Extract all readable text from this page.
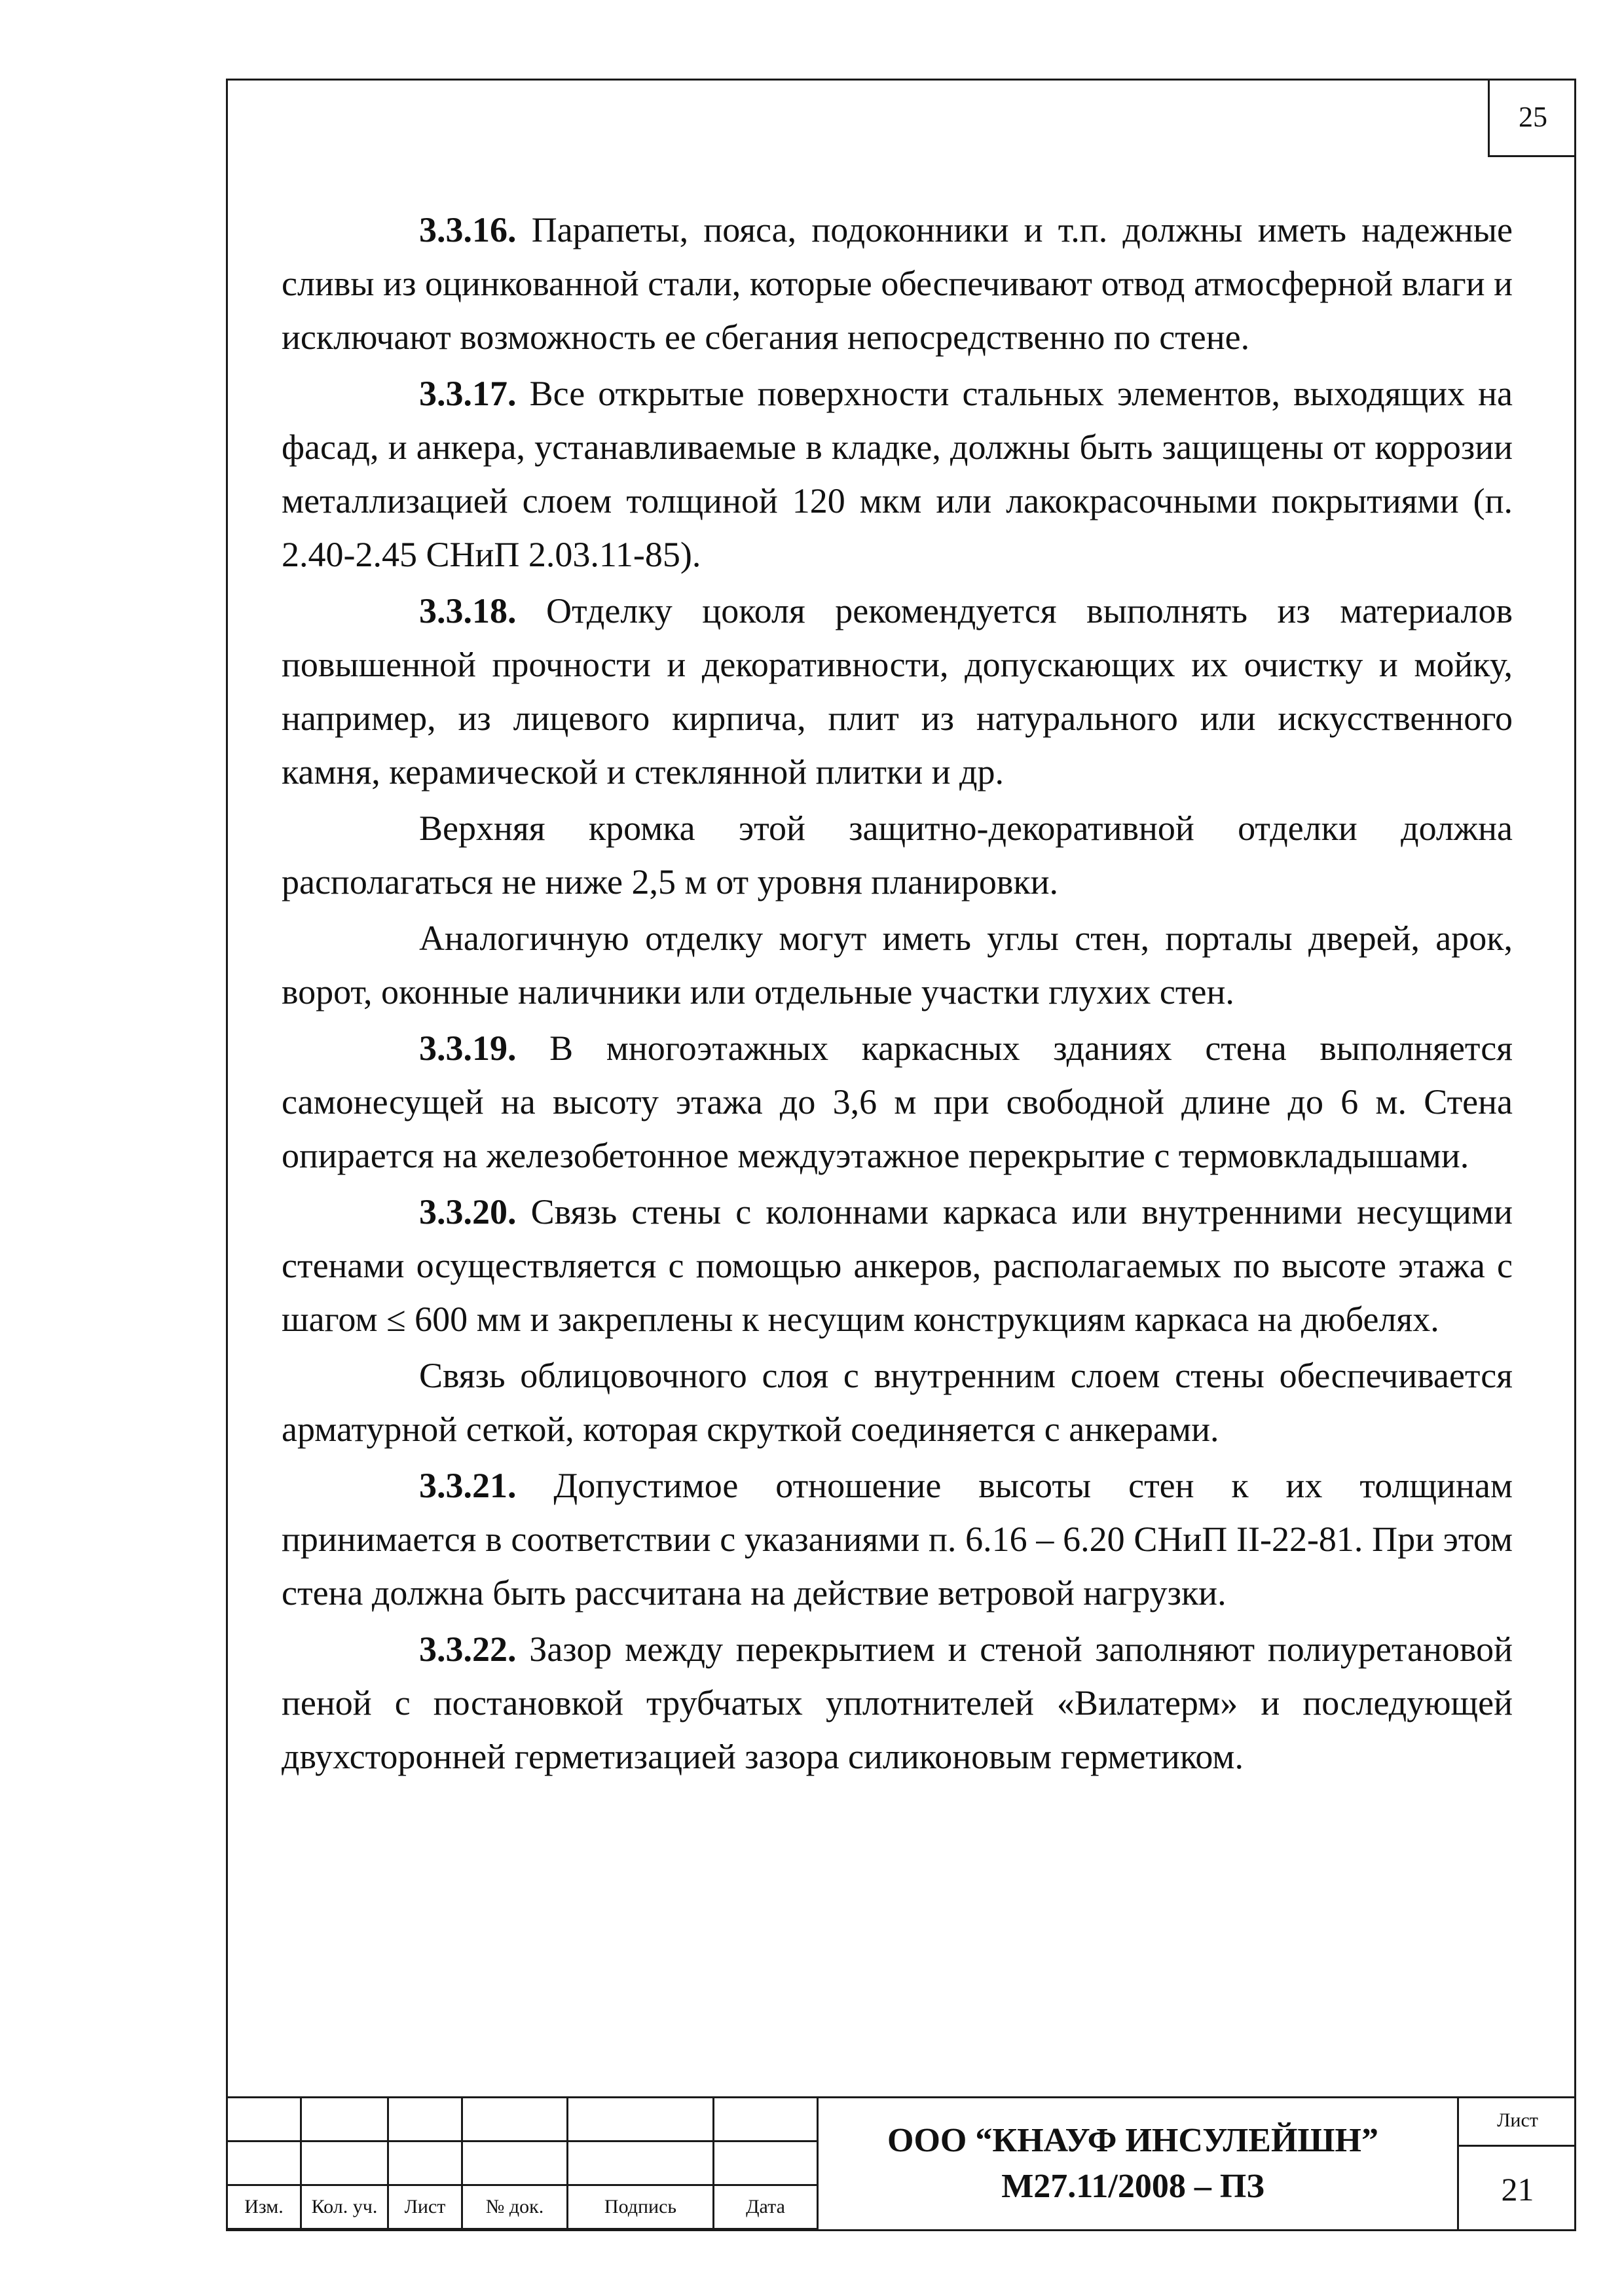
25

3.3.16. Парапеты, пояса, подоконники и т.п. должны иметь надежные сливы из оцинкованной стали, которые обеспечивают отвод атмосферной влаги и исключают возможность ее сбегания непосредственно по стене.

3.3.17. Все открытые поверхности стальных элементов, выходящих на фасад, и анкера, устанавливаемые в кладке, должны быть защищены от коррозии металлизацией слоем толщиной 120 мкм или лакокрасочными покрытиями (п. 2.40-2.45 СНиП 2.03.11-85).

3.3.18. Отделку цоколя рекомендуется выполнять из материалов повышенной прочности и декоративности, допускающих их очистку и мойку, например, из лицевого кирпича, плит из натурального или искусственного камня, керамической и стеклянной плитки и др.

Верхняя кромка этой защитно-декоративной отделки должна располагаться не ниже 2,5 м от уровня планировки.

Аналогичную отделку могут иметь углы стен, порталы дверей, арок, ворот, оконные наличники или отдельные участки глухих стен.

3.3.19. В многоэтажных каркасных зданиях стена выполняется самонесущей на высоту этажа до 3,6 м при свободной длине до 6 м. Стена опирается на железобетонное междуэтажное перекрытие с термовкладышами.

3.3.20. Связь стены с колоннами каркаса или внутренними несущими стенами осуществляется с помощью анкеров, располагаемых по высоте этажа с шагом ≤ 600 мм и закреплены к несущим конструкциям каркаса на дюбелях.

Связь облицовочного слоя с внутренним слоем стены обеспечивается арматурной сеткой, которая скруткой соединяется с анкерами.

3.3.21. Допустимое отношение высоты стен к их толщинам принимается в соответствии с указаниями п. 6.16 – 6.20 СНиП II-22-81. При этом стена должна быть рассчитана на действие ветровой нагрузки.

3.3.22. Зазор между перекрытием и стеной заполняют полиуретановой пеной с постановкой трубчатых уплотнителей «Вилатерм» и последующей двухсторонней герметизацией зазора силиконовым герметиком.

Изм.	Кол. уч.	Лист	№ док.	Подпись	Дата
ООО “КНАУФ ИНСУЛЕЙШН”
М27.11/2008 – ПЗ
Лист
21
